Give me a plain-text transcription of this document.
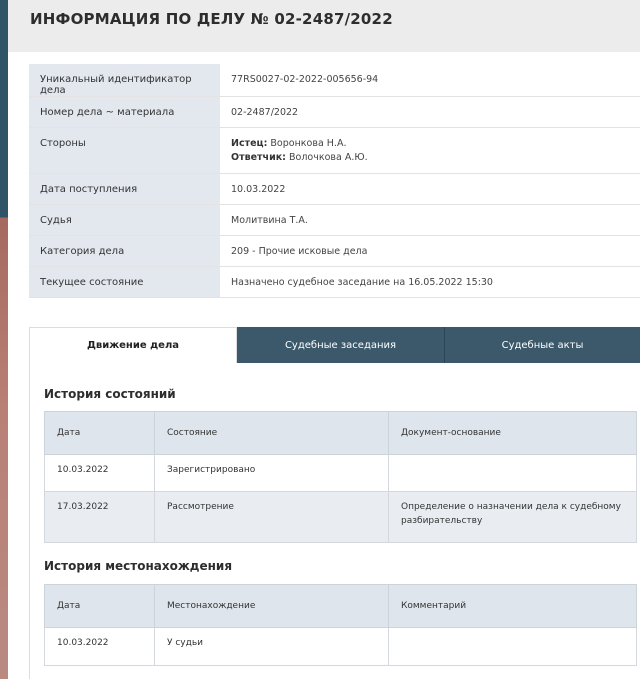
ИНФОРМАЦИЯ ПО ДЕЛУ № 02-2487/2022
Уникальный идентификатор дела	77RS0027-02-2022-005656-94
Номер дела ~ материала	02-2487/2022
Стороны	Истец: Воронкова Н.А.
Ответчик: Волочкова А.Ю.

Дата поступления	10.03.2022
Судья	Молитвина Т.А.
Категория дела	209 - Прочие исковые дела
Текущее состояние	Назначено судебное заседание на 16.05.2022 15:30
Движение дела	Судебные заседания	Судебные акты
История состояний
Дата	Состояние	Документ-основание
10.03.2022	Зарегистрировано	
17.03.2022	Рассмотрение	Определение о назначении дела к судебному разбирательству
История местонахождения
Дата	Местонахождение	Комментарий
10.03.2022	У судьи	
